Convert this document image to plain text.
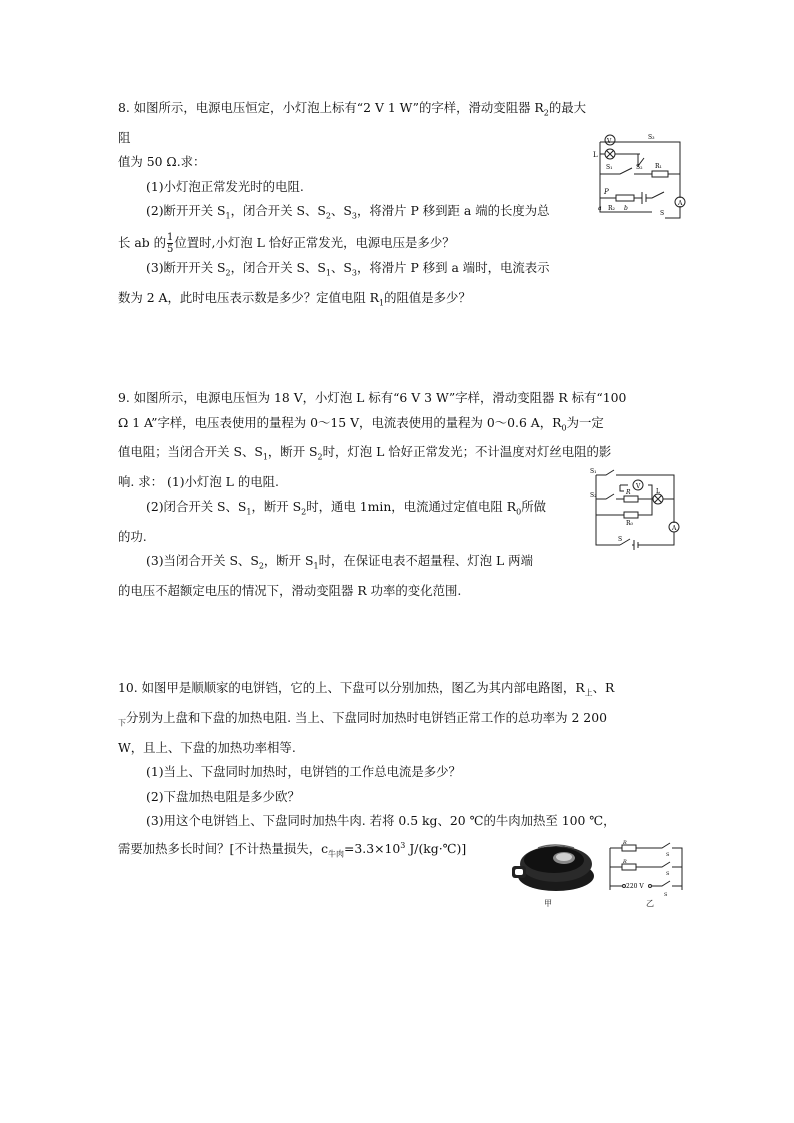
8. 如图所示，电源电压恒定，小灯泡上标有“2 V 1 W”的字样，滑动变阻器 $R_2$的最大阻

值为 50 Ω.求：

(1)小灯泡正常发光时的电阻.

(2)断开开关 $S_1$，闭合开关 S、$S_2$、$S_3$，将滑片 P 移到距 a 端的长度为总

长 ab 的 $\frac{1}{5}$ 位置时,小灯泡 L 恰好正常发光，电源电压是多少？

(3)断开开关 $S_2$，闭合开关 S、$S_1$、$S_3$，将滑片 P 移到 a 端时，电流表示

数为 2 A，此时电压表示数是多少？定值电阻 $R_1$的阻值是多少？

V
A
L
S₃
S₁	S₂ R₁
P
a R₂ b
S

9. 如图所示，电源电压恒为 18 V，小灯泡 L 标有“6 V 3 W”字样，滑动变阻器 R 标有“100

Ω 1 A”字样，电压表使用的量程为 0～15 V，电流表使用的量程为 0～0.6 A，$R_0$为一定

值电阻；当闭合开关 S、$S_1$，断开 $S_2$时，灯泡 L 恰好正常发光；不计温度对灯丝电阻的影

响. 求： (1)小灯泡 L 的电阻.

(2)闭合开关 S、$S_1$，断开 $S_2$时，通电 1min，电流通过定值电阻 $R_0$所做

的功.

(3)当闭合开关 S、$S_2$，断开 $S_1$时，在保证电表不超量程、灯泡 L 两端

的电压不超额定电压的情况下，滑动变阻器 R 功率的变化范围.

V
A
S₁
S₂	R
R₀
L
S

10. 如图甲是顺顺家的电饼铛，它的上、下盘可以分别加热，图乙为其内部电路图，$R_上$、R

$_下$分别为上盘和下盘的加热电阻. 当上、下盘同时加热时电饼铛正常工作的总功率为 2 200

W，且上、下盘的加热功率相等.

(1)当上、下盘同时加热时，电饼铛的工作总电流是多少？

(2)下盘加热电阻是多少欧？

(3)用这个电饼铛上、下盘同时加热牛肉. 若将 0.5 kg、20 ℃的牛肉加热至 100 ℃，

需要加热多长时间？[不计热量损失，$c_{牛肉}=3.3\times 10^3$ J/(kg·℃)]

甲
R
R
S
S
S
220 V
乙
